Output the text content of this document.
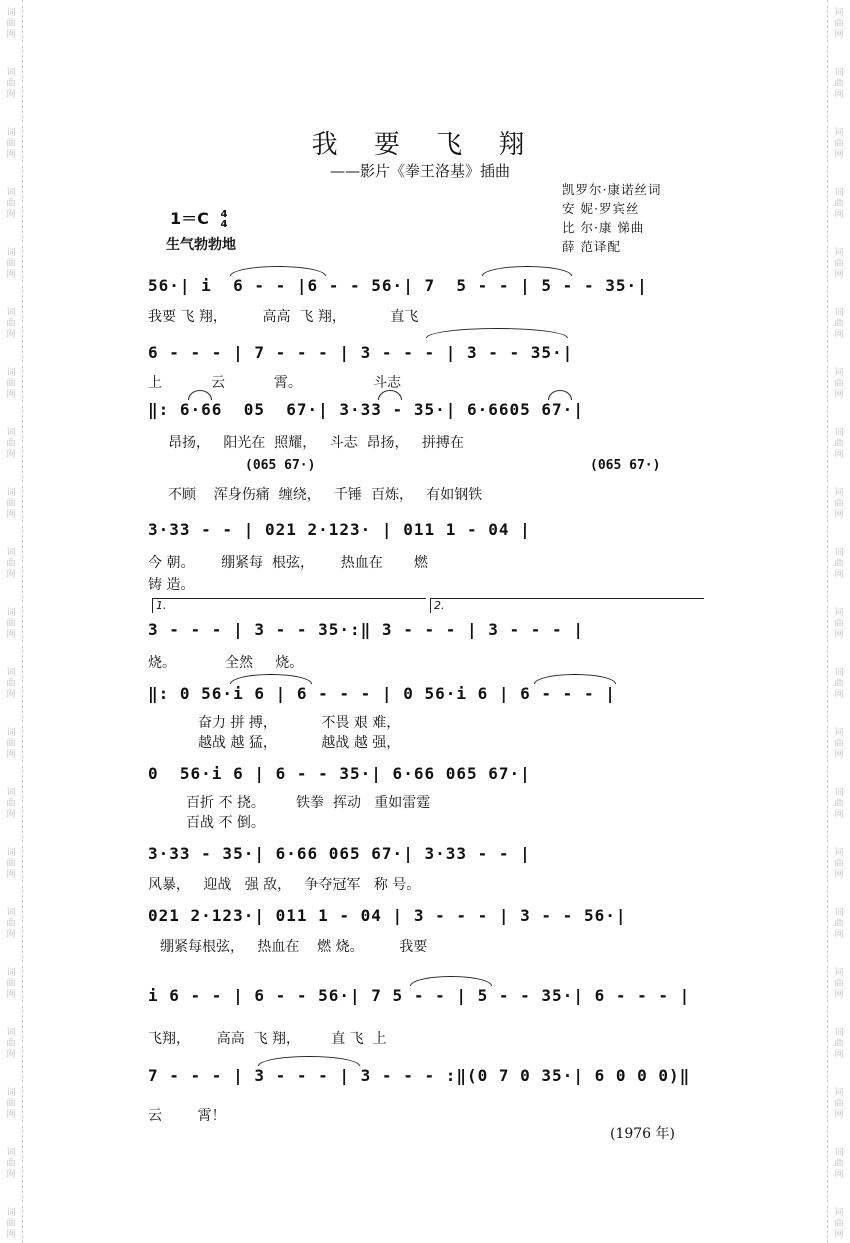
词
曲
网
词
曲
网
词
曲
网
词
曲
网
词
曲
网
词
曲
网
词
曲
网
词
曲
网
词
曲
网
词
曲
网
词
曲
网
词
曲
网
词
曲
网
词
曲
网
词
曲
网
词
曲
网
词
曲
网
词
曲
网
词
曲
网
词
曲
网
词
曲
网
词
曲
网
词
曲
网
词
曲
网
词
曲
网
词
曲
网
词
曲
网
词
曲
网
词
曲
网
词
曲
网
词
曲
网
词
曲
网
词
曲
网
词
曲
网
词
曲
网
词
曲
网
词
曲
网
词
曲
网
词
曲
网
词
曲
网
词
曲
网
词
曲
网
我 要 飞 翔
——影片《拳王洛基》插曲
凯罗尔·康诺丝词
安 妮·罗宾丝
比 尔·康 悌曲
薛 范译配
1＝C 4
4
生气勃勃地
56·| i  6 - - |6 - - 56·| 7  5 - - | 5 - - 35·|
我要 飞 翔，        高高  飞 翔，          直飞
6 - - - | 7 - - - | 3 - - - | 3 - - 35·|
上           云           霄。                斗志
‖: 6·66  05  67·| 3·33 - 35·| 6·6605 67·|
昂扬，   阳光在  照耀，   斗志  昂扬，   拼搏在
(065 67·)	(065 67·)
不顾    浑身伤痛  缠绕，   千锤  百炼，   有如钢铁
3·33 - - | 021 2·123· | 011 1 - 04 |
今 朝。      绷紧每  根弦，      热血在       燃
铸 造。
1.	2.
3 - - - | 3 - - 35·:‖ 3 - - - | 3 - - - |
烧。           全然     烧。
‖: 0 56·i 6 | 6 - - - | 0 56·i 6 | 6 - - - |
奋力 拼 搏，          不畏 艰 难，
越战 越 猛，          越战 越 强，
0  56·i 6 | 6 - - 35·| 6·66 065 67·|
百折 不 挠。       铁拳  挥动   重如雷霆
百战 不 倒。
3·33 - 35·| 6·66 065 67·| 3·33 - - |
风暴，   迎战   强 敌，   争夺冠军   称 号。
021 2·123·| 011 1 - 04 | 3 - - - | 3 - - 56·|
绷紧每根弦，   热血在    燃 烧。        我要
i 6 - - | 6 - - 56·| 7 5 - - | 5 - - 35·| 6 - - - |
飞翔，      高高  飞 翔，       直 飞  上
7 - - - | 3 - - - | 3 - - - :‖(0 7 0 35·| 6 0 0 0)‖
云        霄！
(1976 年)
